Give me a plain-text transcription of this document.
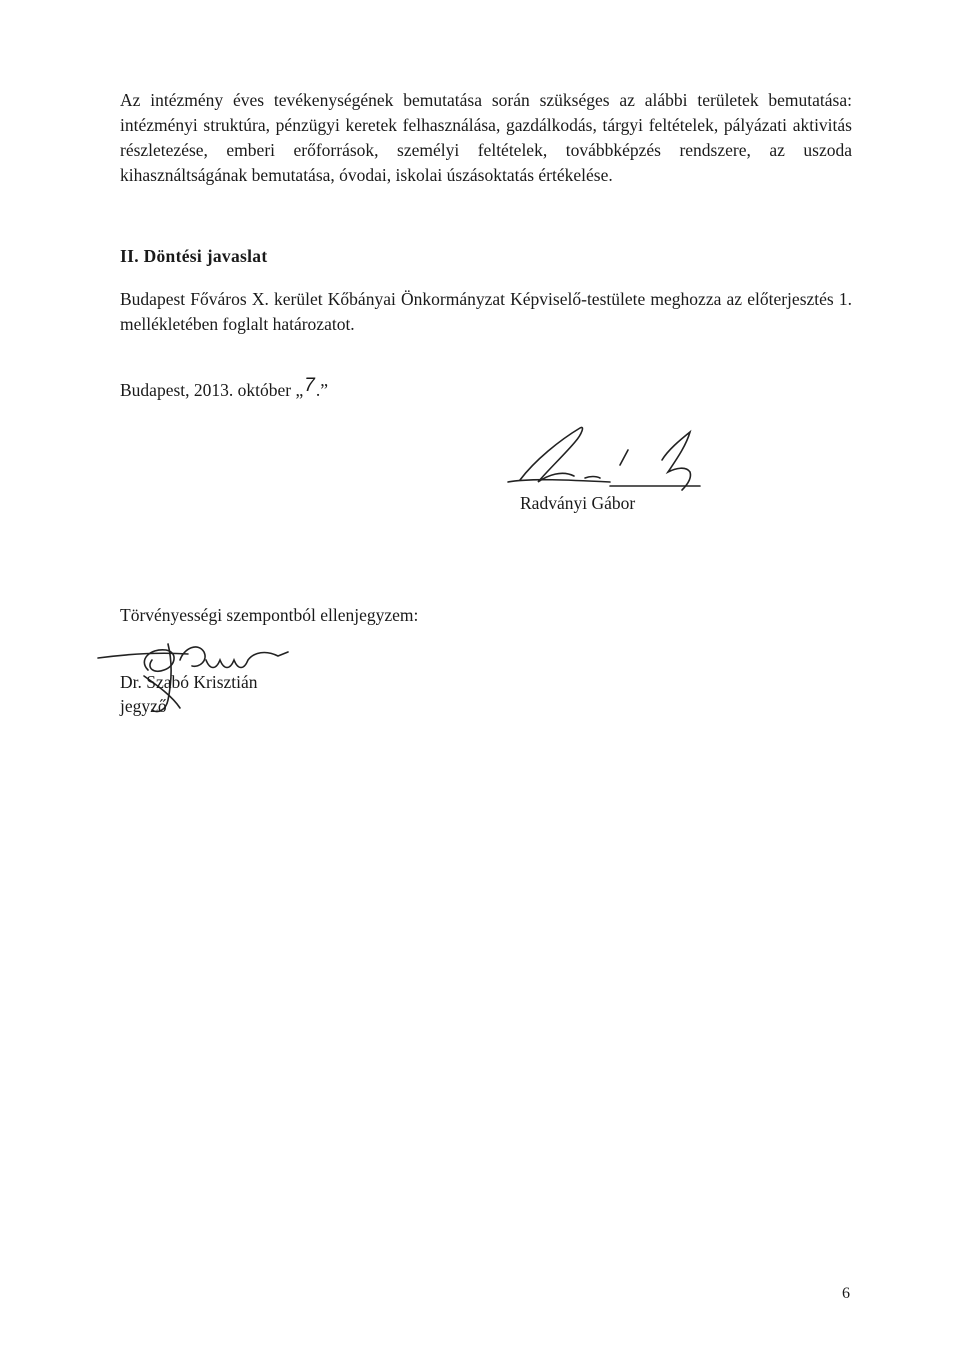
Az intézmény éves tevékenységének bemutatása során szükséges az alábbi területek bemutatása: intézményi struktúra, pénzügyi keretek felhasználása, gazdálkodás, tárgyi feltételek, pályázati aktivitás részletezése, emberi erőforrások, személyi feltételek, továbbképzés rendszere, az uszoda kihasználtságának bemutatása, óvodai, iskolai úszásoktatás értékelése.
II. Döntési javaslat
Budapest Főváros X. kerület Kőbányai Önkormányzat Képviselő-testülete meghozza az előterjesztés 1. mellékletében foglalt határozatot.
Budapest, 2013. október „7.”
Radványi Gábor
Törvényességi szempontból ellenjegyzem:
Dr. Szabó Krisztián
jegyző
6
